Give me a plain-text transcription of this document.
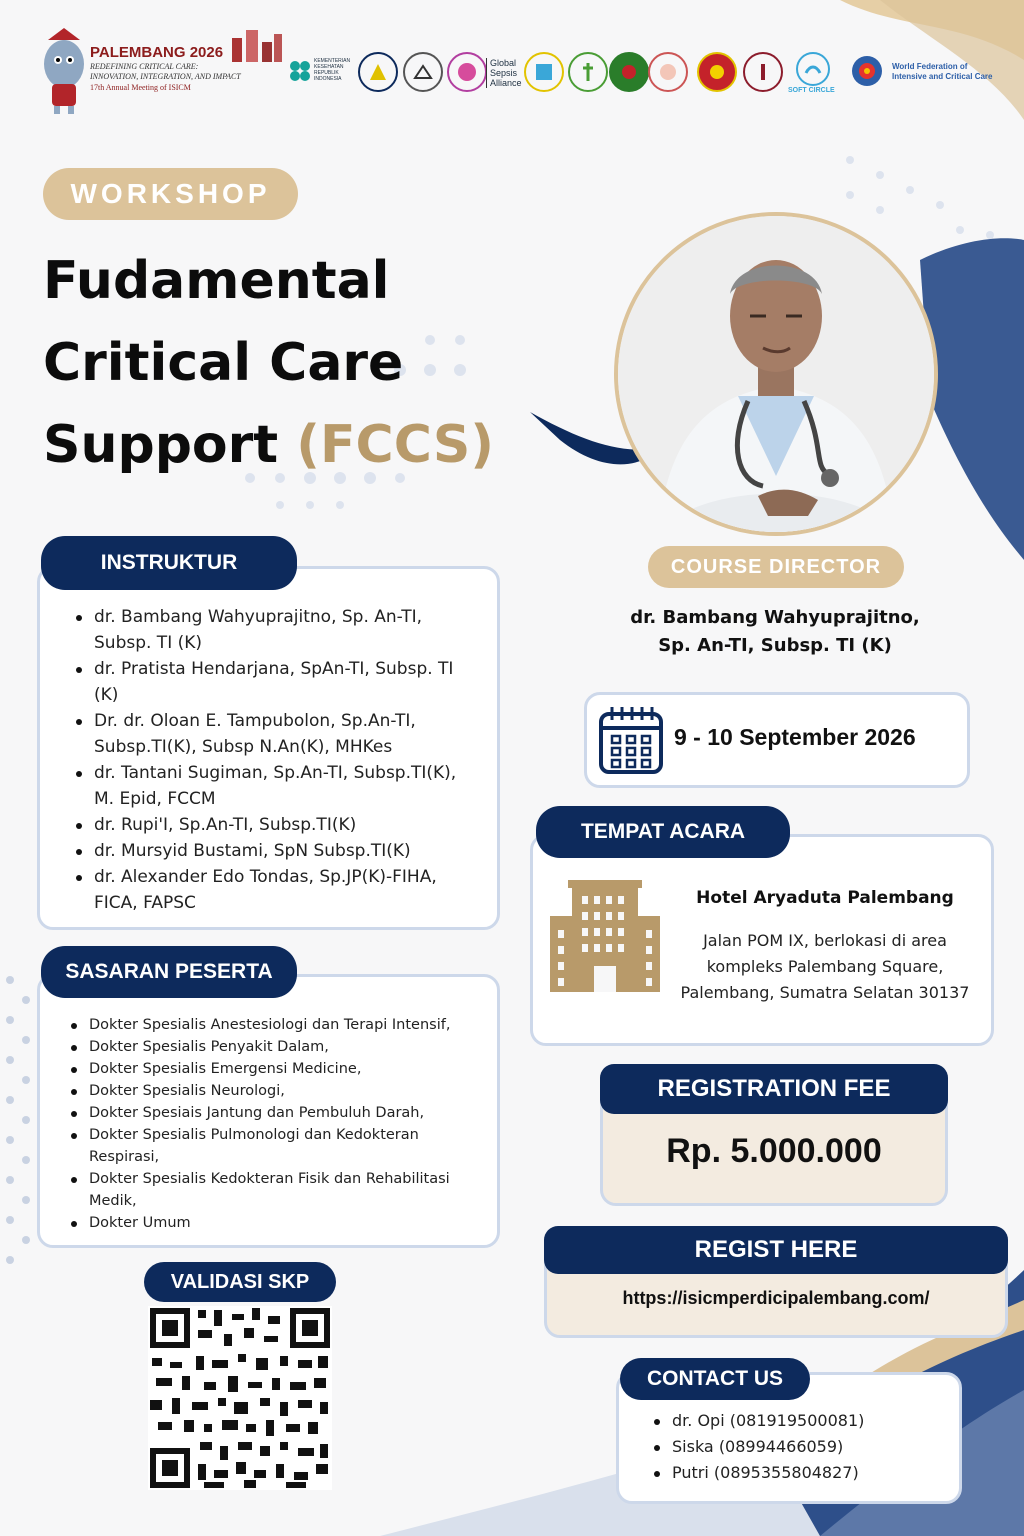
PALEMBANG 2026
REDEFINING CRITICAL CARE:
INNOVATION, INTEGRATION, AND IMPACT
17th Annual Meeting of ISICM
KEMENTERIAN KESEHATAN REPUBLIK INDONESIA
Global Sepsis Alliance
SOFT CIRCLE
World Federation of Intensive and Critical Care
WORKSHOP
Fudamental
Critical Care
Support (FCCS)
INSTRUKTUR
dr. Bambang Wahyuprajitno, Sp. An-TI, Subsp. TI (K)
dr. Pratista Hendarjana, SpAn-TI, Subsp. TI (K)
Dr. dr. Oloan E. Tampubolon, Sp.An-TI, Subsp.TI(K), Subsp N.An(K), MHKes
dr. Tantani Sugiman, Sp.An-TI, Subsp.TI(K), M. Epid, FCCM
dr. Rupi'I, Sp.An-TI, Subsp.TI(K)
dr. Mursyid Bustami, SpN Subsp.TI(K)
dr. Alexander Edo Tondas, Sp.JP(K)-FIHA, FICA, FAPSC
SASARAN PESERTA
Dokter Spesialis Anestesiologi dan Terapi Intensif,
Dokter Spesialis Penyakit Dalam,
Dokter Spesialis Emergensi Medicine,
Dokter Spesialis Neurologi,
Dokter Spesiais Jantung dan Pembuluh Darah,
Dokter Spesialis Pulmonologi dan Kedokteran Respirasi,
Dokter Spesialis Kedokteran Fisik dan Rehabilitasi Medik,
Dokter Umum
VALIDASI SKP
COURSE DIRECTOR
dr. Bambang Wahyuprajitno,
Sp. An-TI, Subsp. TI (K)
9 - 10 September 2026
TEMPAT ACARA
Hotel Aryaduta Palembang
Jalan POM IX, berlokasi di area kompleks Palembang Square, Palembang, Sumatra Selatan 30137
REGISTRATION FEE
Rp. 5.000.000
REGIST HERE
https://isicmperdicipalembang.com/
CONTACT US
dr. Opi (081919500081)
Siska (08994466059)
Putri (0895355804827)
